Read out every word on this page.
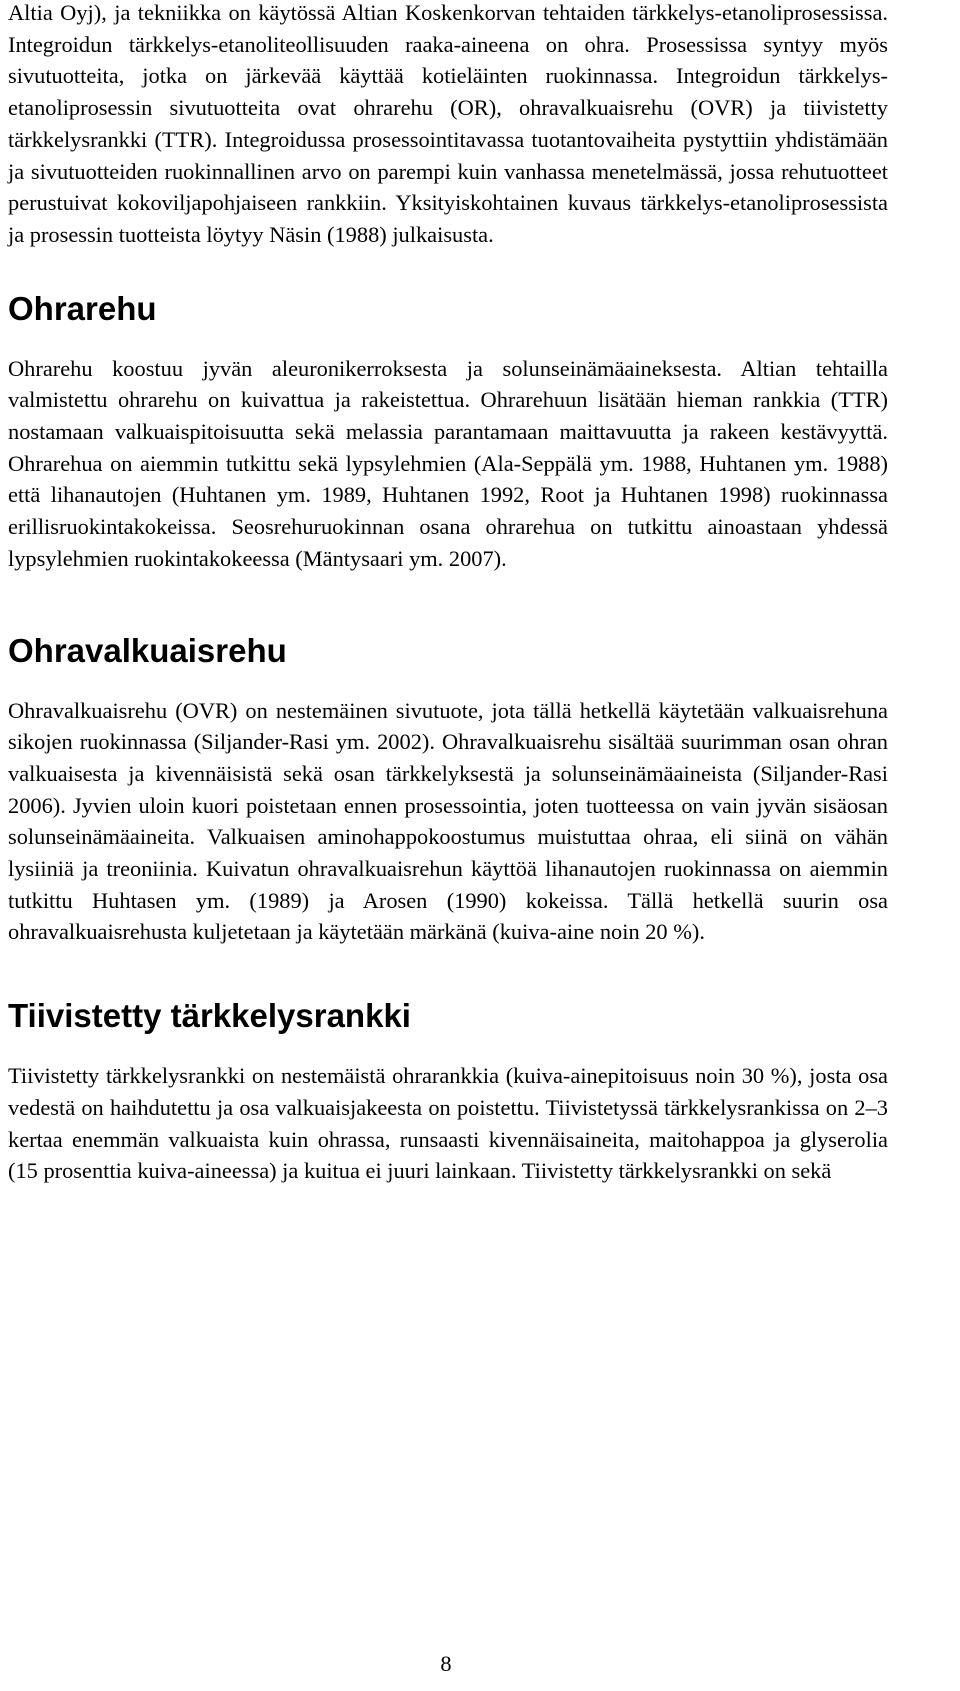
Altia Oyj), ja tekniikka on käytössä Altian Koskenkorvan tehtaiden tärkkelys-etanoliprosessissa. Integroidun tärkkelys-etanoliteollisuuden raaka-aineena on ohra. Prosessissa syntyy myös sivutuotteita, jotka on järkevää käyttää kotieläinten ruokinnassa. Integroidun tärkkelys-etanoliprosessin sivutuotteita ovat ohrarehu (OR), ohravalkuaisrehu (OVR) ja tiivistetty tärkkelysrankki (TTR). Integroidussa prosessointitavassa tuotantovaiheita pystyttiin yhdistämään ja sivutuotteiden ruokinnallinen arvo on parempi kuin vanhassa menetelmässä, jossa rehutuotteet perustuivat kokoviljapohjaiseen rankkiin. Yksityiskohtainen kuvaus tärkkelys-etanoliprosessista ja prosessin tuotteista löytyy Näsin (1988) julkaisusta.

Ohrarehu

Ohrarehu koostuu jyvän aleuronikerroksesta ja solunseinämäaineksesta. Altian tehtailla valmistettu ohrarehu on kuivattua ja rakeistettua. Ohrarehuun lisätään hieman rankkia (TTR) nostamaan valkuaispitoisuutta sekä melassia parantamaan maittavuutta ja rakeen kestävyyttä. Ohrarehua on aiemmin tutkittu sekä lypsylehmien (Ala-Seppälä ym. 1988, Huhtanen ym. 1988) että lihanautojen (Huhtanen ym. 1989, Huhtanen 1992, Root ja Huhtanen 1998) ruokinnassa erillisruokintakokeissa. Seosrehuruokinnan osana ohrarehua on tutkittu ainoastaan yhdessä lypsylehmien ruokintakokeessa (Mäntysaari ym. 2007).

Ohravalkuaisrehu

Ohravalkuaisrehu (OVR) on nestemäinen sivutuote, jota tällä hetkellä käytetään valkuaisrehuna sikojen ruokinnassa (Siljander-Rasi ym. 2002). Ohravalkuaisrehu sisältää suurimman osan ohran valkuaisesta ja kivennäisistä sekä osan tärkkelyksestä ja solunseinämäaineista (Siljander-Rasi 2006). Jyvien uloin kuori poistetaan ennen prosessointia, joten tuotteessa on vain jyvän sisäosan solunseinämäaineita. Valkuaisen aminohappokoostumus muistuttaa ohraa, eli siinä on vähän lysiiniä ja treoniinia. Kuivatun ohravalkuaisrehun käyttöä lihanautojen ruokinnassa on aiemmin tutkittu Huhtasen ym. (1989) ja Arosen (1990) kokeissa. Tällä hetkellä suurin osa ohravalkuaisrehusta kuljetetaan ja käytetään märkänä (kuiva-aine noin 20 %).

Tiivistetty tärkkelysrankki

Tiivistetty tärkkelysrankki on nestemäistä ohrarankkia (kuiva-ainepitoisuus noin 30 %), josta osa vedestä on haihdutettu ja osa valkuaisjakeesta on poistettu. Tiivistetyssä tärkkelysrankissa on 2–3 kertaa enemmän valkuaista kuin ohrassa, runsaasti kivennäisaineita, maitohappoa ja glyserolia (15 prosenttia kuiva-aineessa) ja kuitua ei juuri lainkaan. Tiivistetty tärkkelysrankki on sekä

8
